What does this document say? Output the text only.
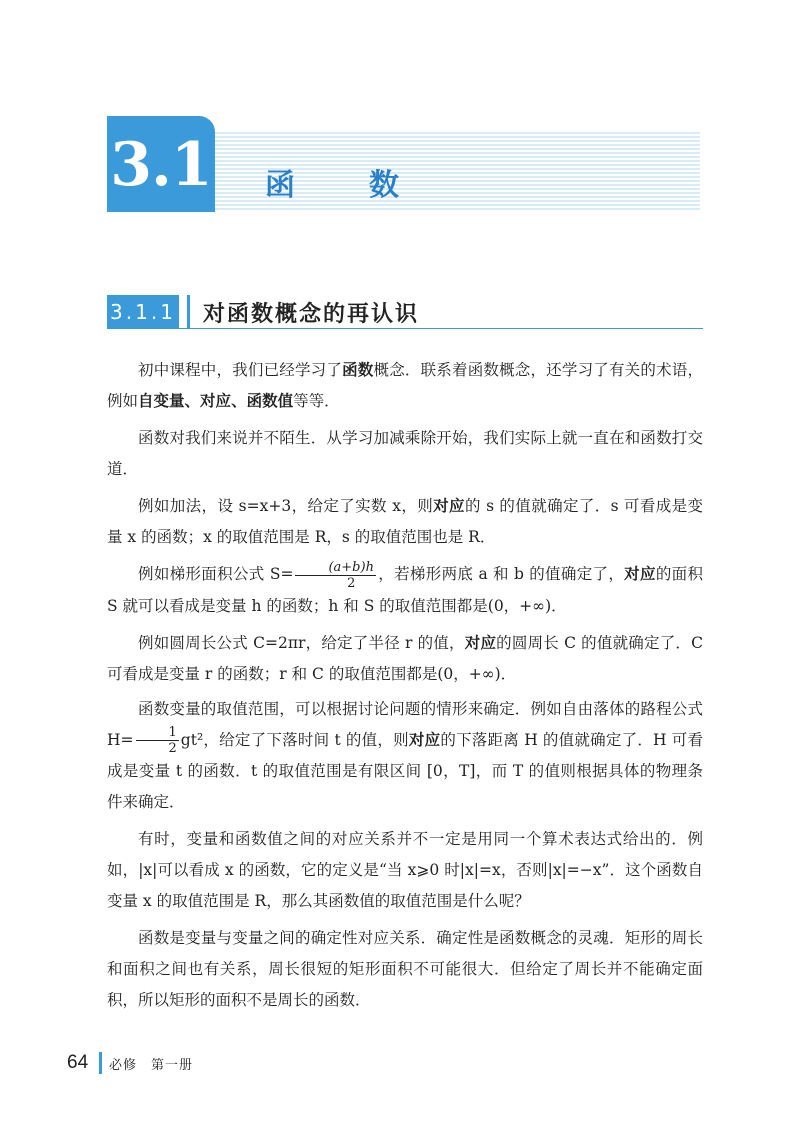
3.1 函　数
3.1.1 对函数概念的再认识

初中课程中，我们已经学习了函数概念．联系着函数概念，还学习了有关的术语，例如自变量、对应、函数值等等．

函数对我们来说并不陌生．从学习加减乘除开始，我们实际上就一直在和函数打交道．

例如加法，设 s=x+3，给定了实数 x，则对应的 s 的值就确定了．s 可看成是变量 x 的函数；x 的取值范围是 R，s 的取值范围也是 R．

例如梯形面积公式 $S= \frac{(a+b)h}{2}$ ，若梯形两底 a 和 b 的值确定了，对应的面积 S 就可以看成是变量 h 的函数；h 和 S 的取值范围都是(0，+∞)．

例如圆周长公式 C=2πr，给定了半径 r 的值，对应的圆周长 C 的值就确定了．C 可看成是变量 r 的函数；r 和 C 的取值范围都是(0，+∞)．

函数变量的取值范围，可以根据讨论问题的情形来确定．例如自由落体的路程公式 $H= \frac{1}{2} gt^2$，给定了下落时间 t 的值，则对应的下落距离 H 的值就确定了．H 可看成是变量 t 的函数．t 的取值范围是有限区间 [0，T]，而 T 的值则根据具体的物理条件来确定．

有时，变量和函数值之间的对应关系并不一定是用同一个算术表达式给出的．例如，|x|可以看成 x 的函数，它的定义是“当 x⩾0 时|x|=x，否则|x|=−x”．这个函数自变量 x 的取值范围是 R，那么其函数值的取值范围是什么呢？

函数是变量与变量之间的确定性对应关系．确定性是函数概念的灵魂．矩形的周长和面积之间也有关系，周长很短的矩形面积不可能很大．但给定了周长并不能确定面积，所以矩形的面积不是周长的函数．

64 必修　第一册
